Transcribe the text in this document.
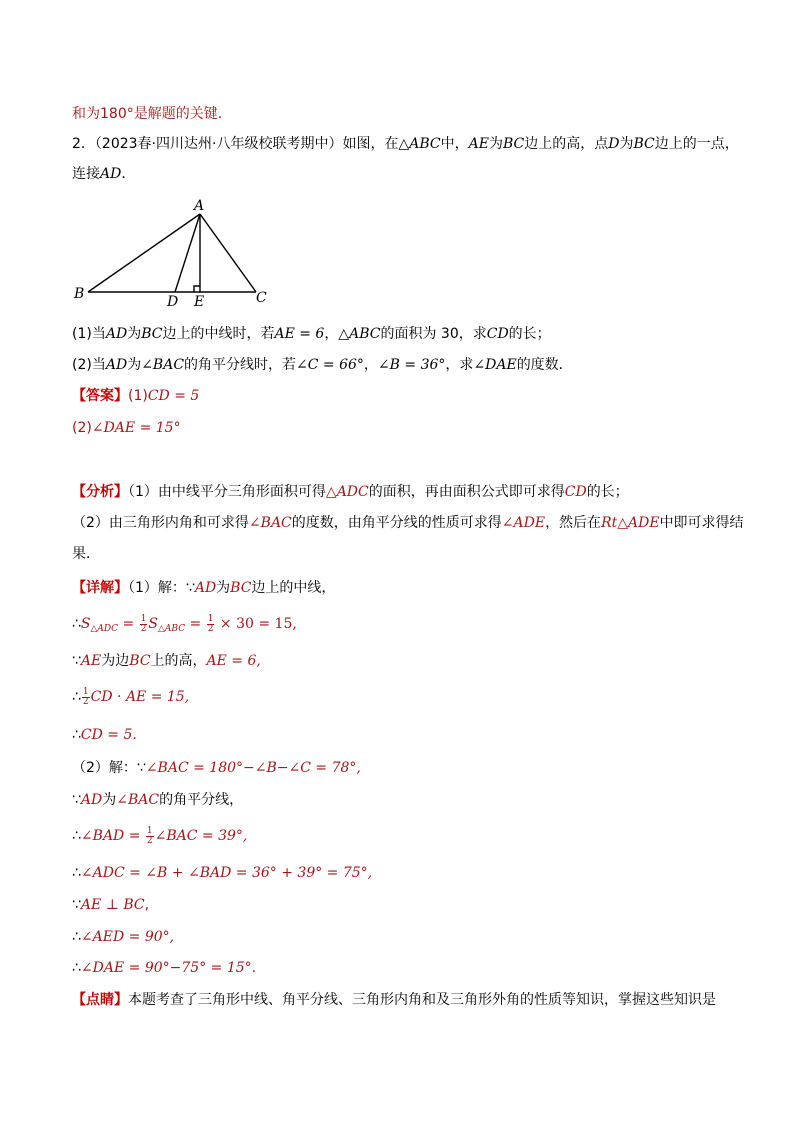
和为180°是解题的关键．
2．（2023春·四川达州·八年级校联考期中）如图，在△ABC中，AE为BC边上的高，点D为BC边上的一点，
连接AD．
A
B	C
D E
(1)当AD为BC边上的中线时，若AE = 6，△ABC的面积为 30，求CD的长；
(2)当AD为∠BAC的角平分线时，若∠C = 66°，∠B = 36°，求∠DAE的度数．
【答案】(1)CD = 5
(2)∠DAE = 15°
【分析】（1）由中线平分三角形面积可得△ADC的面积，再由面积公式即可求得CD的长；
（2）由三角形内角和可求得∠BAC的度数，由角平分线的性质可求得∠ADE，然后在Rt△ADE中即可求得结
果．
【详解】（1）解：∵AD为BC边上的中线，
$\therefore S_{\triangle ADC} = \frac{1}{2} S_{\triangle ABC} = \frac{1}{2} \times 30 = 15$,
∵AE为边BC上的高，AE = 6,
∴ $\frac{1}{2}$ CD · AE = 15,
∴CD = 5.
（2）解：∵∠BAC = 180°−∠B−∠C = 78°,
∵AD为∠BAC的角平分线，
∴∠BAD = $\frac{1}{2}$ ∠BAC = 39°,
∴∠ADC = ∠B + ∠BAD = 36° + 39° = 75°,
∵AE ⊥ BC,
∴∠AED = 90°,
∴∠DAE = 90°−75° = 15°.
【点睛】本题考查了三角形中线、角平分线、三角形内角和及三角形外角的性质等知识，掌握这些知识是
